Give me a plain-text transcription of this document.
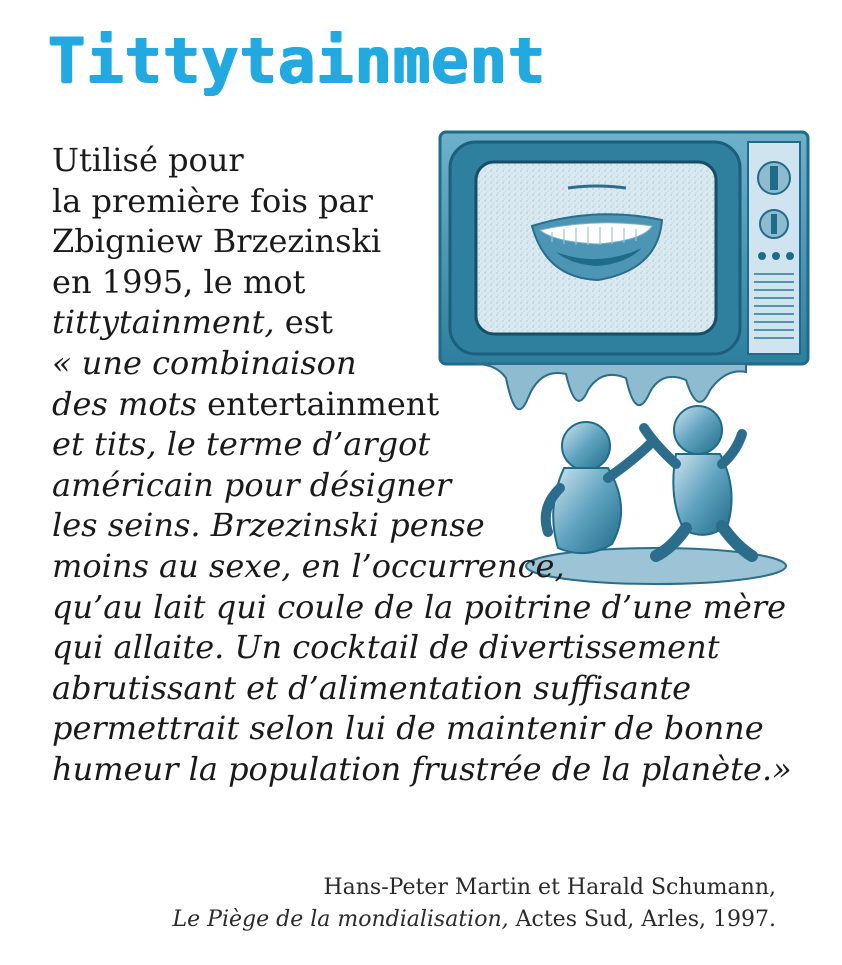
Tittytainment
Utilisé pour
la première fois par
Zbigniew Brzezinski
en 1995, le mot
tittytainment, est
« une combinaison
des mots entertainment
et tits, le terme d’argot
américain pour désigner
les seins. Brzezinski pense
moins au sexe, en l’occurrence,
qu’au lait qui coule de la poitrine d’une mère
qui allaite. Un cocktail de divertissement
abrutissant et d’alimentation suffisante
permettrait selon lui de maintenir de bonne
humeur la population frustrée de la planète.»
Hans-Peter Martin et Harald Schumann,
Le Piège de la mondialisation, Actes Sud, Arles, 1997.
